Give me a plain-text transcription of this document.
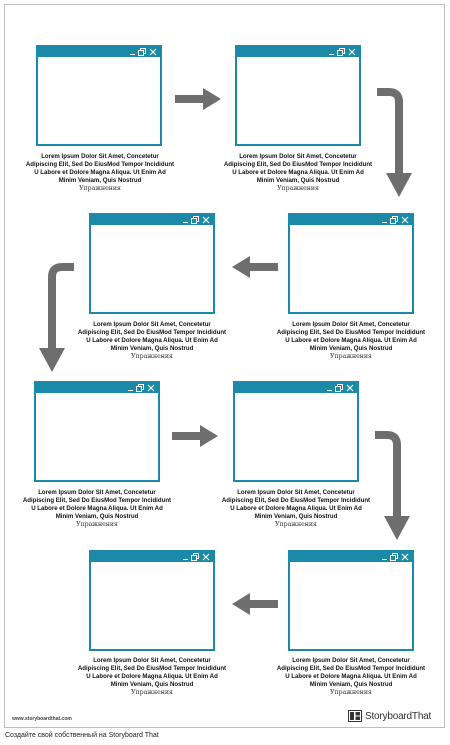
Lorem Ipsum Dolor Sit Amet, Concetetur Adipiscing Elit, Sed Do EiusMod Tempor Incididunt U Labore et Dolore Magna Aliqua. Ut Enim Ad Minim Veniam, Quis Nostrud
Упражнения
Lorem Ipsum Dolor Sit Amet, Concetetur Adipiscing Elit, Sed Do EiusMod Tempor Incididunt U Labore et Dolore Magna Aliqua. Ut Enim Ad Minim Veniam, Quis Nostrud
Упражнения
Lorem Ipsum Dolor Sit Amet, Concetetur Adipiscing Elit, Sed Do EiusMod Tempor Incididunt U Labore et Dolore Magna Aliqua. Ut Enim Ad Minim Veniam, Quis Nostrud
Упражнения
Lorem Ipsum Dolor Sit Amet, Concetetur Adipiscing Elit, Sed Do EiusMod Tempor Incididunt U Labore et Dolore Magna Aliqua. Ut Enim Ad Minim Veniam, Quis Nostrud
Упражнения
Lorem Ipsum Dolor Sit Amet, Concetetur Adipiscing Elit, Sed Do EiusMod Tempor Incididunt U Labore et Dolore Magna Aliqua. Ut Enim Ad Minim Veniam, Quis Nostrud
Упражнения
Lorem Ipsum Dolor Sit Amet, Concetetur Adipiscing Elit, Sed Do EiusMod Tempor Incididunt U Labore et Dolore Magna Aliqua. Ut Enim Ad Minim Veniam, Quis Nostrud
Упражнения
Lorem Ipsum Dolor Sit Amet, Concetetur Adipiscing Elit, Sed Do EiusMod Tempor Incididunt U Labore et Dolore Magna Aliqua. Ut Enim Ad Minim Veniam, Quis Nostrud
Упражнения
Lorem Ipsum Dolor Sit Amet, Concetetur Adipiscing Elit, Sed Do EiusMod Tempor Incididunt U Labore et Dolore Magna Aliqua. Ut Enim Ad Minim Veniam, Quis Nostrud
Упражнения
www.storyboardthat.com	StoryboardThat
Создайте свой собственный на Storyboard That
